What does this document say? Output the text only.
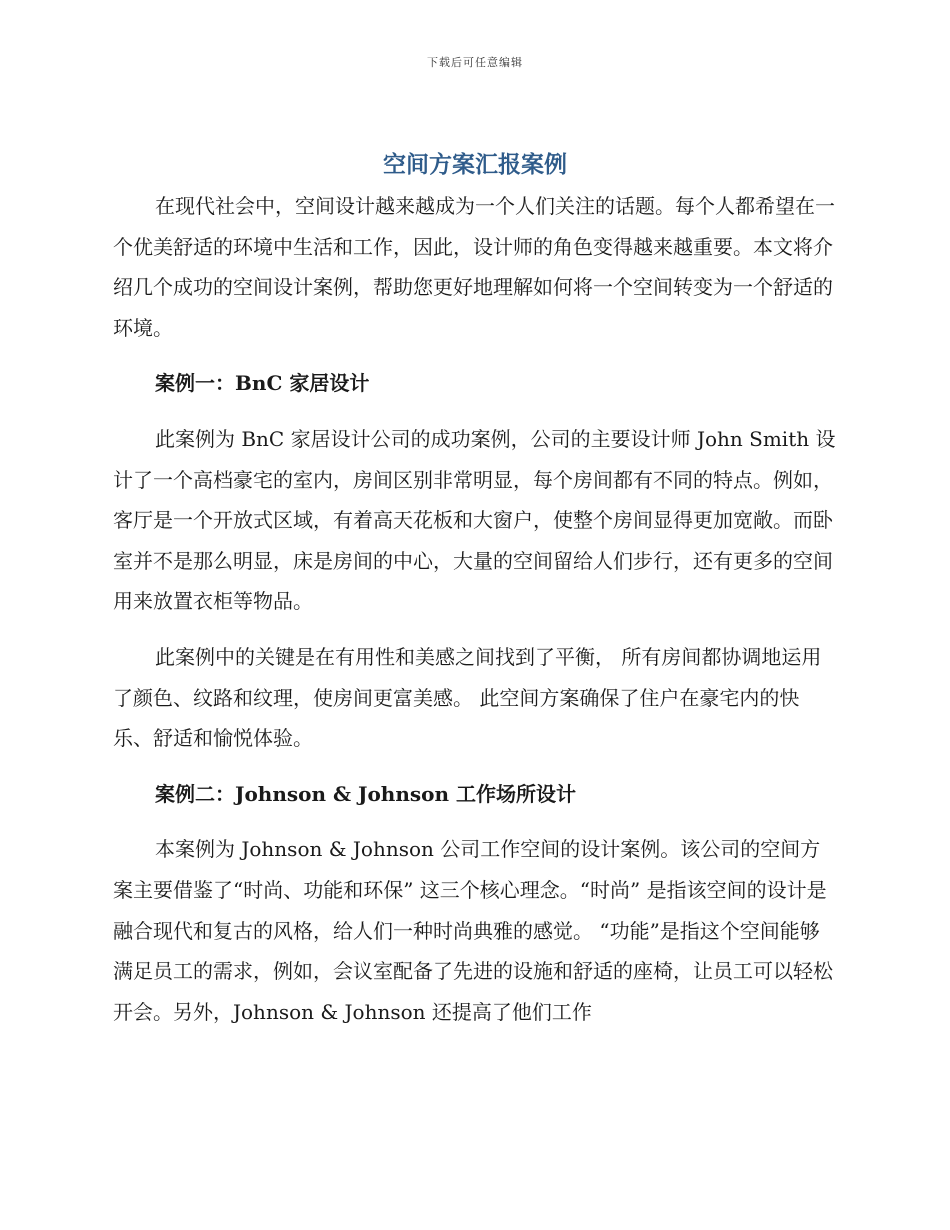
下载后可任意编辑
空间方案汇报案例

在现代社会中，空间设计越来越成为一个人们关注的话题。每个人都希望在一个优美舒适的环境中生活和工作，因此，设计师的角色变得越来越重要。本文将介绍几个成功的空间设计案例，帮助您更好地理解如何将一个空间转变为一个舒适的环境。

案例一：BnC 家居设计

此案例为 BnC 家居设计公司的成功案例，公司的主要设计师 John Smith 设计了一个高档豪宅的室内，房间区别非常明显，每个房间都有不同的特点。例如，客厅是一个开放式区域，有着高天花板和大窗户，使整个房间显得更加宽敞。而卧室并不是那么明显，床是房间的中心，大量的空间留给人们步行，还有更多的空间用来放置衣柜等物品。

此案例中的关键是在有用性和美感之间找到了平衡， 所有房间都协调地运用了颜色、纹路和纹理，使房间更富美感。 此空间方案确保了住户在豪宅内的快乐、舒适和愉悦体验。

案例二：Johnson & Johnson 工作场所设计

本案例为 Johnson & Johnson 公司工作空间的设计案例。该公司的空间方案主要借鉴了“时尚、功能和环保” 这三个核心理念。“时尚” 是指该空间的设计是融合现代和复古的风格，给人们一种时尚典雅的感觉。 “功能”是指这个空间能够满足员工的需求，例如，会议室配备了先进的设施和舒适的座椅，让员工可以轻松开会。另外，Johnson & Johnson 还提高了他们工作
